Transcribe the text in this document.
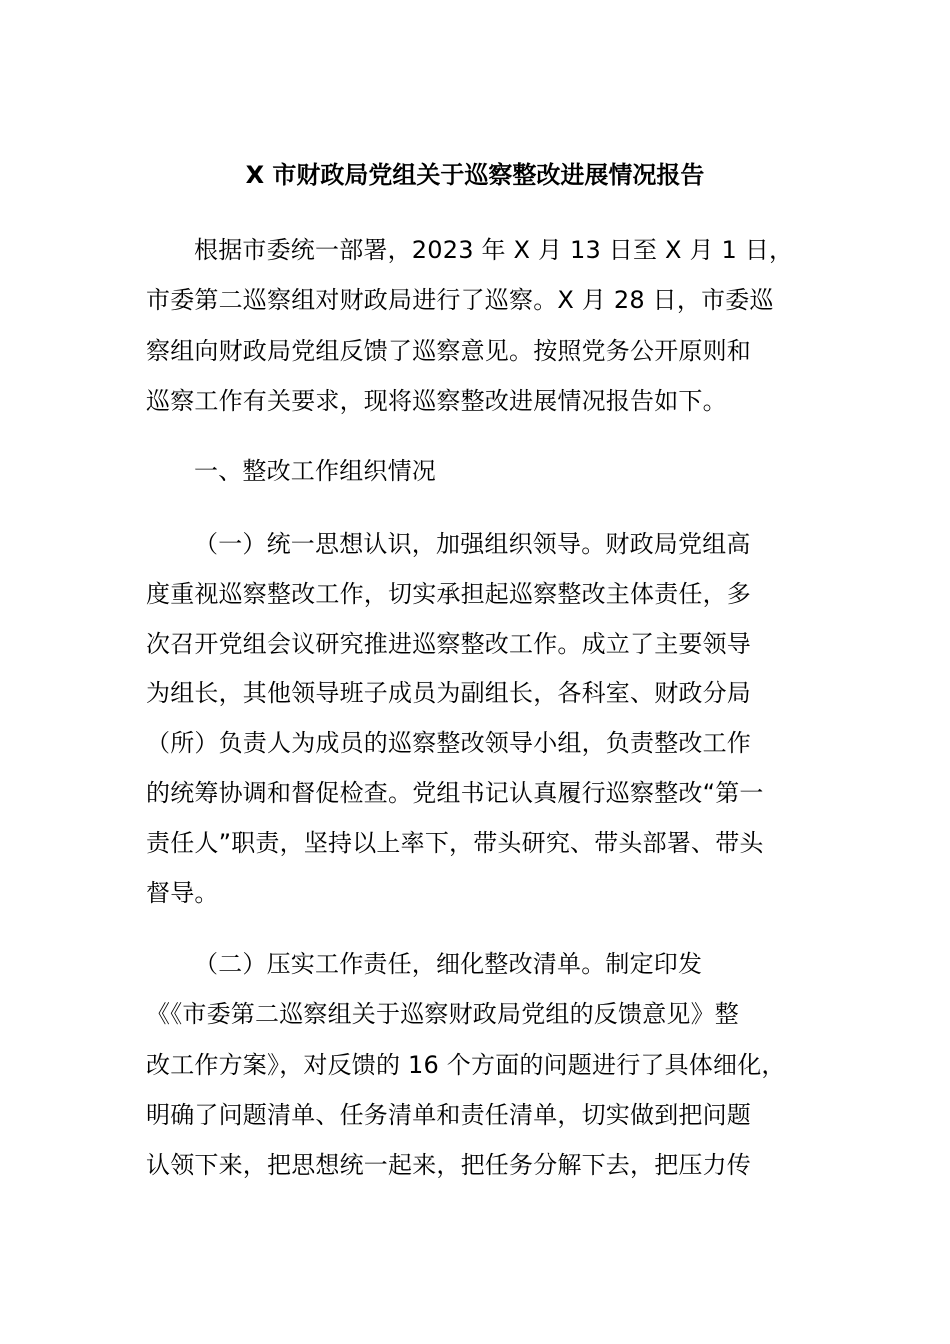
X 市财政局党组关于巡察整改进展情况报告
根据市委统一部署，2023 年 X 月 13 日至 X 月 1 日，
市委第二巡察组对财政局进行了巡察。X 月 28 日，市委巡
察组向财政局党组反馈了巡察意见。按照党务公开原则和
巡察工作有关要求，现将巡察整改进展情况报告如下。
一、整改工作组织情况
（一）统一思想认识，加强组织领导。财政局党组高
度重视巡察整改工作，切实承担起巡察整改主体责任，多
次召开党组会议研究推进巡察整改工作。成立了主要领导
为组长，其他领导班子成员为副组长，各科室、财政分局
（所）负责人为成员的巡察整改领导小组，负责整改工作
的统筹协调和督促检查。党组书记认真履行巡察整改“第一
责任人”职责，坚持以上率下，带头研究、带头部署、带头
督导。
（二）压实工作责任，细化整改清单。制定印发
《《市委第二巡察组关于巡察财政局党组的反馈意见》整
改工作方案》，对反馈的 16 个方面的问题进行了具体细化，
明确了问题清单、任务清单和责任清单，切实做到把问题
认领下来，把思想统一起来，把任务分解下去，把压力传
